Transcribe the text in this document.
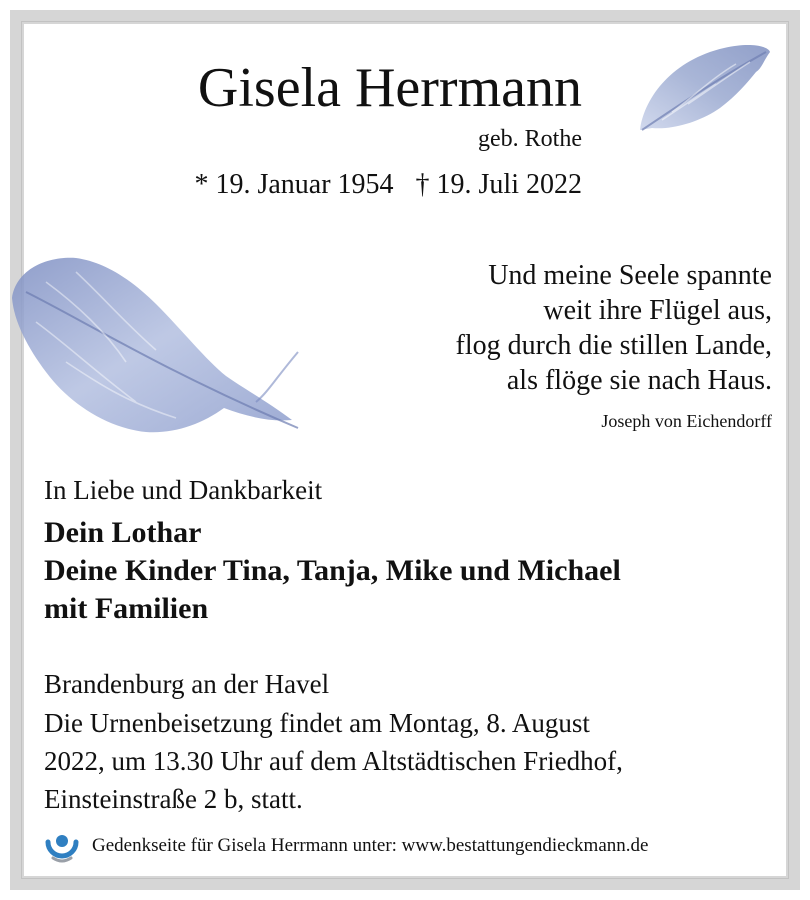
Gisela Herrmann

geb. Rothe

* 19. Januar 1954 † 19. Juli 2022

Und meine Seele spannte
weit ihre Flügel aus,
flog durch die stillen Lande,
als flöge sie nach Haus.

Joseph von Eichendorff

In Liebe und Dankbarkeit

Dein Lothar
Deine Kinder Tina, Tanja, Mike und Michael
mit Familien

Brandenburg an der Havel

Die Urnenbeisetzung findet am Montag, 8. August
2022, um 13.30 Uhr auf dem Altstädtischen Friedhof,
Einsteinstraße 2 b, statt.
Gedenkseite für Gisela Herrmann unter: www.bestattungendieckmann.de
